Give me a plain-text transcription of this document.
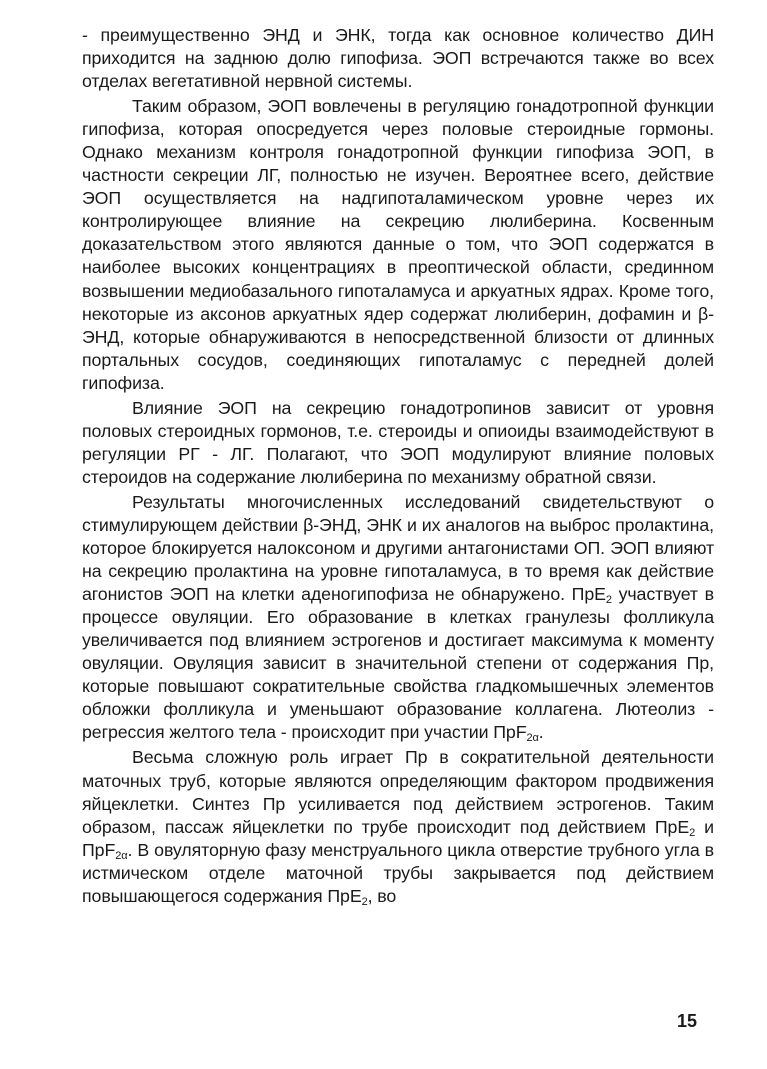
- преимущественно ЭНД и ЭНК, тогда как основное количество ДИН приходится на заднюю долю гипофиза. ЭОП встречаются также во всех отделах вегетативной нервной системы.

Таким образом, ЭОП вовлечены в регуляцию гонадотропной функции гипофиза, которая опосредуется через половые стероидные гормоны. Однако механизм контроля гонадотропной функции гипофиза ЭОП, в частности секреции ЛГ, полностью не изучен. Вероятнее всего, действие ЭОП осуществляется на надгипоталамическом уровне через их контролирующее влияние на секрецию люлиберина. Косвенным доказательством этого являются данные о том, что ЭОП содержатся в наиболее высоких концентрациях в преоптической области, срединном возвышении медиобазального гипоталамуса и аркуатных ядрах. Кроме того, некоторые из аксонов аркуатных ядер содержат люлиберин, дофамин и β-ЭНД, которые обнаруживаются в непосредственной близости от длинных портальных сосудов, соединяющих гипоталамус с передней долей гипофиза.

Влияние ЭОП на секрецию гонадотропинов зависит от уровня половых стероидных гормонов, т.е. стероиды и опиоиды взаимодействуют в регуляции РГ - ЛГ. Полагают, что ЭОП модулируют влияние половых стероидов на содержание люлиберина по механизму обратной связи.

Результаты многочисленных исследований свидетельствуют о стимулирующем действии β-ЭНД, ЭНК и их аналогов на выброс пролактина, которое блокируется налоксоном и другими антагонистами ОП. ЭОП влияют на секрецию пролактина на уровне гипоталамуса, в то время как действие агонистов ЭОП на клетки аденогипофиза не обнаружено. ПрЕ$_2$ участвует в процессе овуляции. Его образование в клетках гранулезы фолликула увеличивается под влиянием эстрогенов и достигает максимума к моменту овуляции. Овуляция зависит в значительной степени от содержания Пр, которые повышают сократительные свойства гладкомышечных элементов обложки фолликула и уменьшают образование коллагена. Лютеолиз - регрессия желтого тела - происходит при участии ПрF$_{2\alpha}$.

Весьма сложную роль играет Пр в сократительной деятельности маточных труб, которые являются определяющим фактором продвижения яйцеклетки. Синтез Пр усиливается под действием эстрогенов. Таким образом, пассаж яйцеклетки по трубе происходит под действием ПрЕ$_2$ и ПрF$_{2\alpha}$. В овуляторную фазу менструального цикла отверстие трубного угла в истмическом отделе маточной трубы закрывается под действием повышающегося содержания ПрЕ$_2$, во

15
